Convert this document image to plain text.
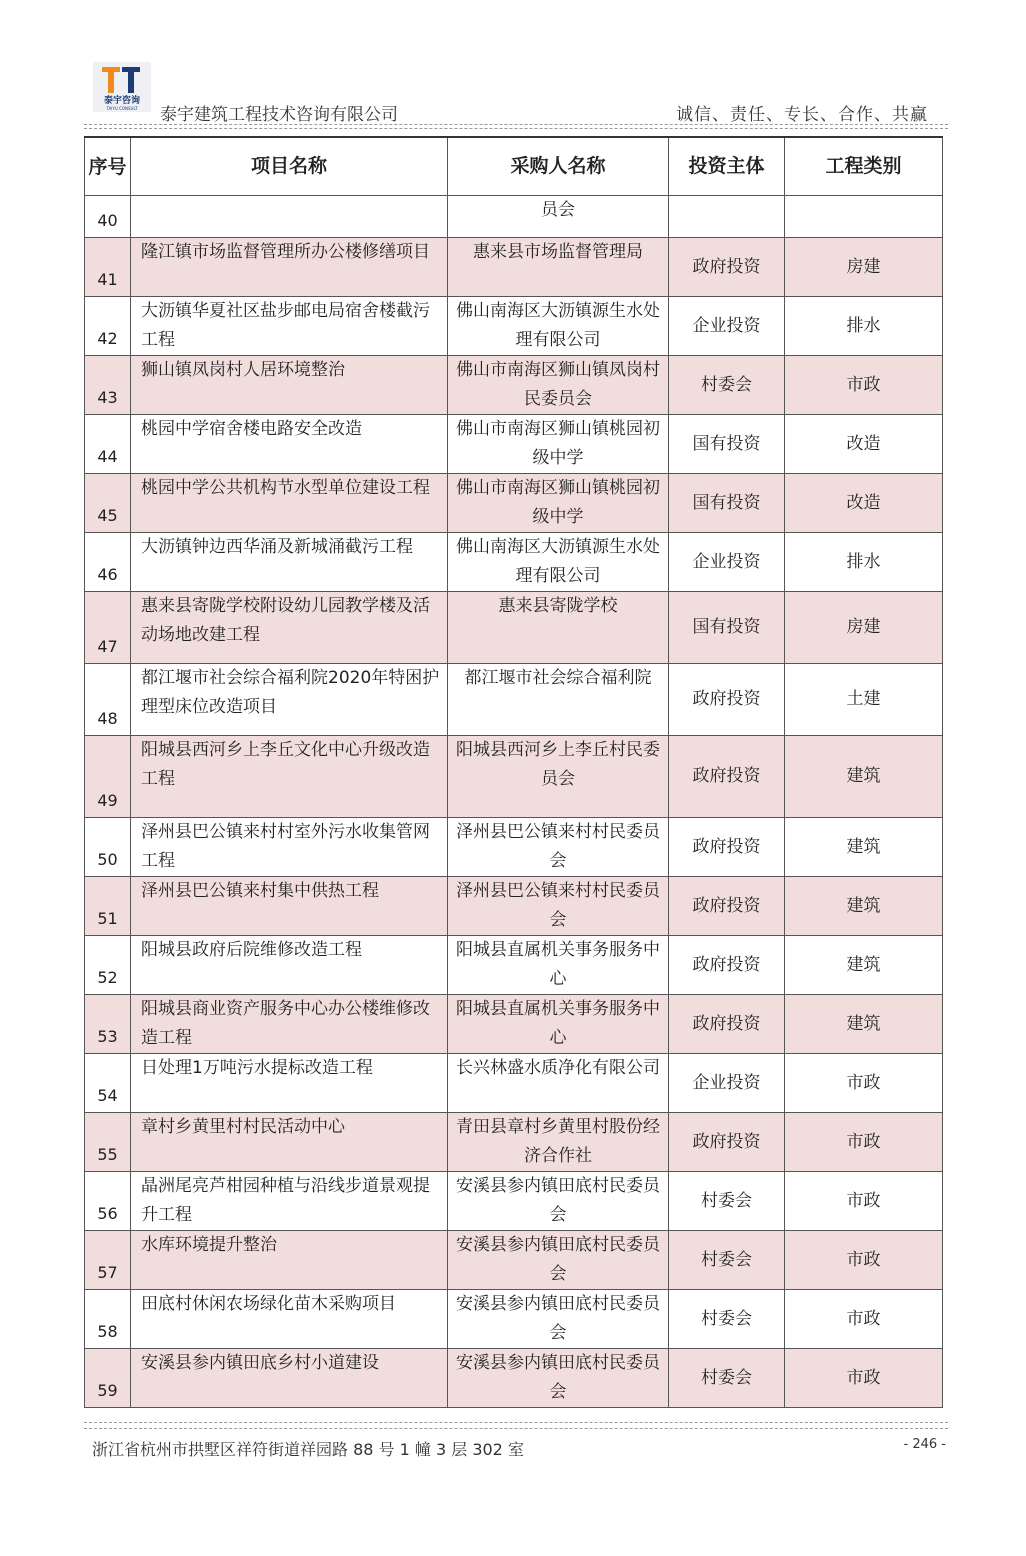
泰宇咨询
TAIYU CONSULT 泰宇建筑工程技术咨询有限公司	诚信、责任、专长、合作、共赢
序号	项目名称	采购人名称	投资主体	工程类别
40		员会		
41	隆江镇市场监督管理所办公楼修缮项目	惠来县市场监督管理局	政府投资	房建
42	大沥镇华夏社区盐步邮电局宿舍楼截污工程	佛山南海区大沥镇源生水处理有限公司	企业投资	排水
43	狮山镇凤岗村人居环境整治	佛山市南海区狮山镇凤岗村民委员会	村委会	市政
44	桃园中学宿舍楼电路安全改造	佛山市南海区狮山镇桃园初级中学	国有投资	改造
45	桃园中学公共机构节水型单位建设工程	佛山市南海区狮山镇桃园初级中学	国有投资	改造
46	大沥镇钟边西华涌及新城涌截污工程	佛山南海区大沥镇源生水处理有限公司	企业投资	排水
47	惠来县寄陇学校附设幼儿园教学楼及活动场地改建工程	惠来县寄陇学校	国有投资	房建
48	都江堰市社会综合福利院2020年特困护理型床位改造项目	都江堰市社会综合福利院	政府投资	土建
49	阳城县西河乡上李丘文化中心升级改造工程	阳城县西河乡上李丘村民委员会	政府投资	建筑
50	泽州县巴公镇来村村室外污水收集管网工程	泽州县巴公镇来村村民委员会	政府投资	建筑
51	泽州县巴公镇来村集中供热工程	泽州县巴公镇来村村民委员会	政府投资	建筑
52	阳城县政府后院维修改造工程	阳城县直属机关事务服务中心	政府投资	建筑
53	阳城县商业资产服务中心办公楼维修改造工程	阳城县直属机关事务服务中心	政府投资	建筑
54	日处理1万吨污水提标改造工程	长兴林盛水质净化有限公司	企业投资	市政
55	章村乡黄里村村民活动中心	青田县章村乡黄里村股份经济合作社	政府投资	市政
56	晶洲尾亮芦柑园种植与沿线步道景观提升工程	安溪县参内镇田底村民委员会	村委会	市政
57	水库环境提升整治	安溪县参内镇田底村民委员会	村委会	市政
58	田底村休闲农场绿化苗木采购项目	安溪县参内镇田底村民委员会	村委会	市政
59	安溪县参内镇田底乡村小道建设	安溪县参内镇田底村民委员会	村委会	市政
浙江省杭州市拱墅区祥符街道祥园路 88 号 1 幢 3 层 302 室	- 246 -
